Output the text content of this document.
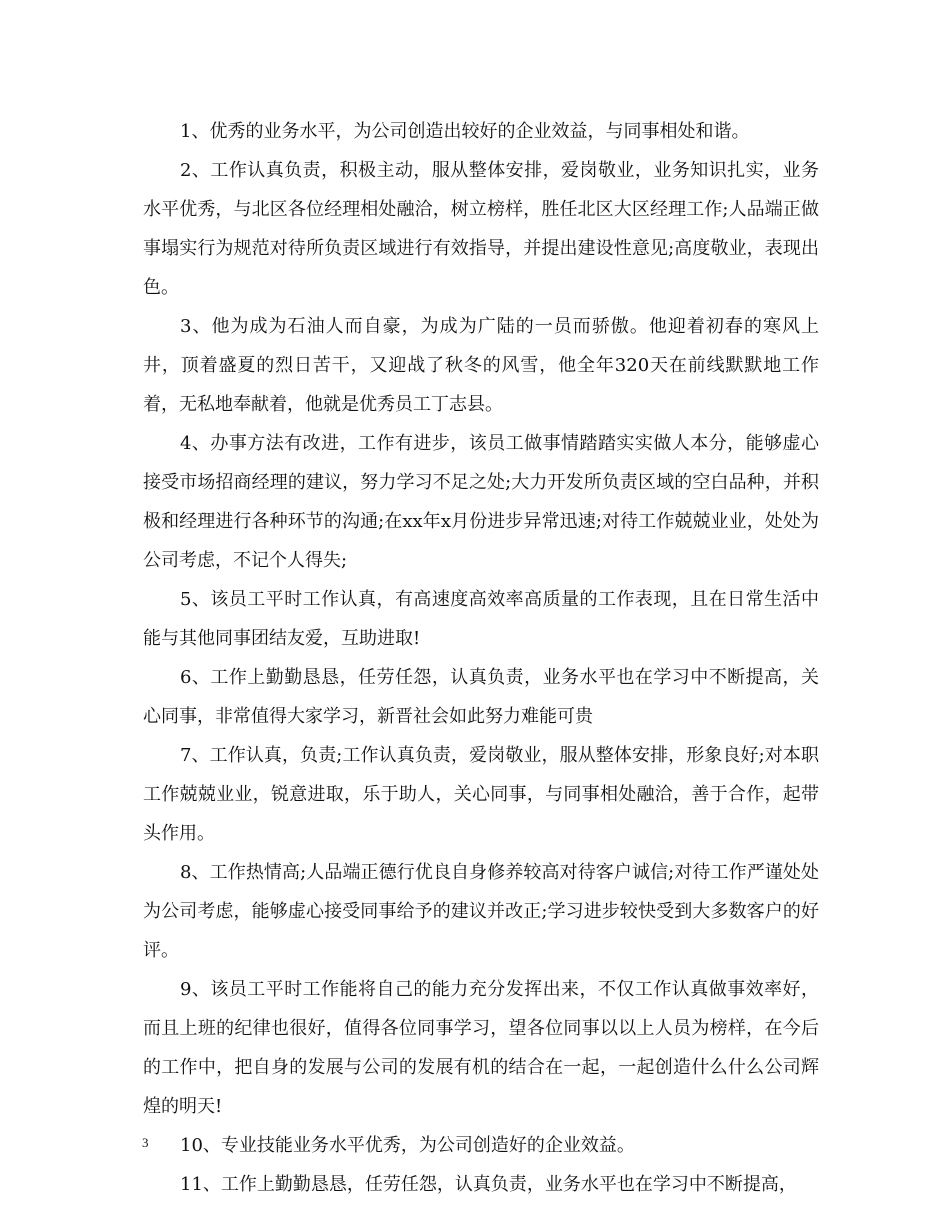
1、优秀的业务水平，为公司创造出较好的企业效益，与同事相处和谐。

2、工作认真负责，积极主动，服从整体安排，爱岗敬业，业务知识扎实，业务水平优秀，与北区各位经理相处融洽，树立榜样，胜任北区大区经理工作;人品端正做事塌实行为规范对待所负责区域进行有效指导，并提出建设性意见;高度敬业，表现出色。

3、他为成为石油人而自豪，为成为广陆的一员而骄傲。他迎着初春的寒风上井，顶着盛夏的烈日苦干，又迎战了秋冬的风雪，他全年320天在前线默默地工作着，无私地奉献着，他就是优秀员工丁志县。

4、办事方法有改进，工作有进步，该员工做事情踏踏实实做人本分，能够虚心接受市场招商经理的建议，努力学习不足之处;大力开发所负责区域的空白品种，并积极和经理进行各种环节的沟通;在xx年x月份进步异常迅速;对待工作兢兢业业，处处为公司考虑，不记个人得失;

5、该员工平时工作认真，有高速度高效率高质量的工作表现，且在日常生活中能与其他同事团结友爱，互助进取!

6、工作上勤勤恳恳，任劳任怨，认真负责，业务水平也在学习中不断提高，关心同事，非常值得大家学习，新晋社会如此努力难能可贵

7、工作认真，负责;工作认真负责，爱岗敬业，服从整体安排，形象良好;对本职工作兢兢业业，锐意进取，乐于助人，关心同事，与同事相处融洽，善于合作，起带头作用。

8、工作热情高;人品端正德行优良自身修养较高对待客户诚信;对待工作严谨处处为公司考虑，能够虚心接受同事给予的建议并改正;学习进步较快受到大多数客户的好评。

9、该员工平时工作能将自己的能力充分发挥出来，不仅工作认真做事效率好，而且上班的纪律也很好，值得各位同事学习，望各位同事以以上人员为榜样，在今后的工作中，把自身的发展与公司的发展有机的结合在一起，一起创造什么什么公司辉煌的明天!

10、专业技能业务水平优秀，为公司创造好的企业效益。

11、工作上勤勤恳恳，任劳任怨，认真负责，业务水平也在学习中不断提高，

3
